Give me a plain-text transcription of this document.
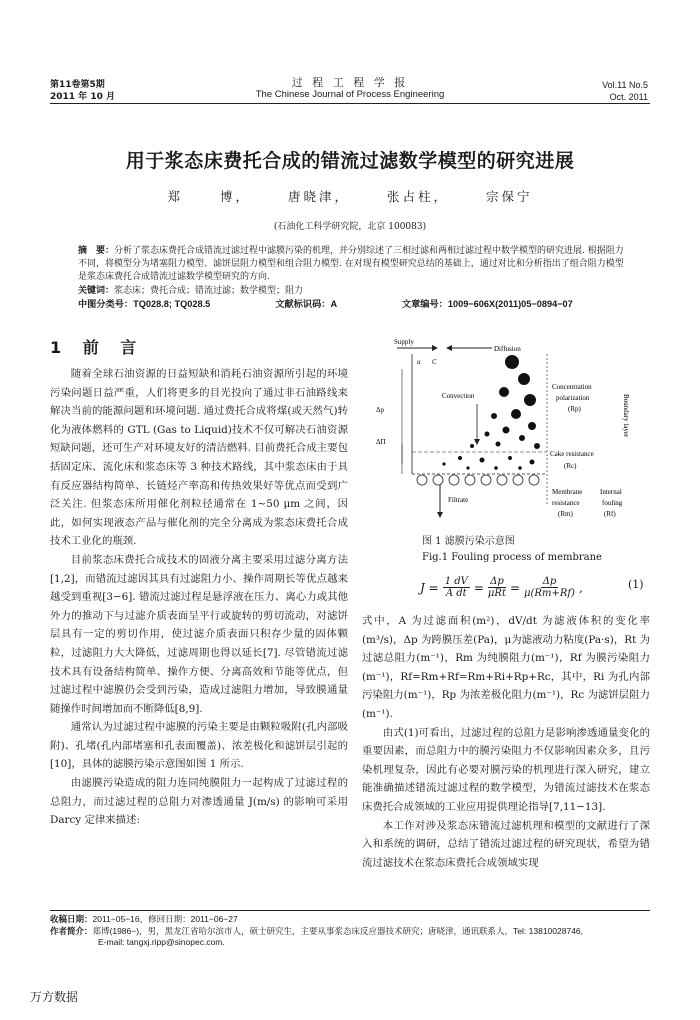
第11卷第5期
2011 年 10 月
过 程 工 程 学 报
The Chinese Journal of Process Engineering
Vol.11 No.5
Oct. 2011
用于浆态床费托合成的错流过滤数学模型的研究进展
郑 博， 唐晓津， 张占柱， 宗保宁
(石油化工科学研究院，北京 100083)
摘　要：分析了浆态床费托合成错流过滤过程中滤膜污染的机理，并分别综述了三相过滤和两相过滤过程中数学模型的研究进展. 根据阻力不同，将模型分为堵塞阻力模型、滤饼层阻力模型和组合阻力模型. 在对现有模型研究总结的基础上，通过对比和分析指出了组合阻力模型是浆态床费托合成错流过滤数学模型研究的方向.
关键词：浆态床；费托合成；错流过滤；数学模型；阻力
中图分类号：TQ028.8; TQ028.5	文献标识码：A	文章编号：1009−606X(2011)05−0894−07
1 前 言

随着全球石油资源的日益短缺和消耗石油资源所引起的环境污染问题日益严重，人们将更多的目光投向了通过非石油路线来解决当前的能源问题和环境问题. 通过费托合成将煤(或天然气)转化为液体燃料的 GTL (Gas to Liquid)技术不仅可解决石油资源短缺问题，还可生产对环境友好的清洁燃料. 目前费托合成主要包括固定床、流化床和浆态床等 3 种技术路线，其中浆态床由于具有反应器结构简单、长链烃产率高和传热效果好等优点而受到广泛关注. 但浆态床所用催化剂粒径通常在 1~50 μm 之间，因此，如何实现液态产品与催化剂的完全分离成为浆态床费托合成技术工业化的瓶颈.

目前浆态床费托合成技术的固液分离主要采用过滤分离方法[1,2]，而错流过滤因其具有过滤阻力小、操作周期长等优点越来越受到重视[3−6]. 错流过滤过程是悬浮液在压力、离心力或其他外力的推动下与过滤介质表面呈平行或旋转的剪切流动，对滤饼层具有一定的剪切作用，使过滤介质表面只积存少量的固体颗粒，过滤阻力大大降低，过滤周期也得以延长[7]. 尽管错流过滤技术具有设备结构简单、操作方便、分离高效和节能等优点，但过滤过程中滤膜仍会受到污染，造成过滤阻力增加，导致膜通量随操作时间增加而不断降低[8,9].

通常认为过滤过程中滤膜的污染主要是由颗粒吸附(孔内部吸附)、孔堵(孔内部堵塞和孔表面覆盖)、浓差极化和滤饼层引起的[10]，具体的滤膜污染示意图如图 1 所示.

由滤膜污染造成的阻力连同纯膜阻力一起构成了过滤过程的总阻力，而过滤过程的总阻力对渗透通量 J(m/s) 的影响可采用 Darcy 定律来描述:

Supply
Diffusion
u C
Convection
Concentration
polarization
(Rp)
Δp
ΔΠ
Boundary layer
Cake resistance
(Rc)
Filtrate
Membrane
resistance
(Rm)
Internal
fouling
(Rf)
图 1 滤膜污染示意图
Fig.1 Fouling process of membrane
$J = \frac{1 dV}{\text{A dt}} = \Delta p$
$\mu Rt = \frac{\Delta p}{\mu(Rm+Rf)}$ ,	(1)

式中，A 为过滤面积(m²)，dV/dt 为滤液体积的变化率(m³/s)，Δp 为跨膜压差(Pa)，μ为滤液动力粘度(Pa·s)，Rt 为过滤总阻力(m⁻¹)，Rm 为纯膜阻力(m⁻¹)，Rf 为膜污染阻力(m⁻¹)，Rf=Rm+Rf=Rm+Ri+Rp+Rc，其中，Ri 为孔内部污染阻力(m⁻¹)，Rp 为浓差极化阻力(m⁻¹)，Rc 为滤饼层阻力(m⁻¹).

由式(1)可看出，过滤过程的总阻力是影响渗透通量变化的重要因素，而总阻力中的膜污染阻力不仅影响因素众多，且污染机理复杂，因此有必要对膜污染的机理进行深入研究，建立能准确描述错流过滤过程的数学模型，为错流过滤技术在浆态床费托合成领域的工业应用提供理论指导[7,11−13].

本工作对涉及浆态床错流过滤机理和模型的文献进行了深入和系统的调研，总结了错流过滤过程的研究现状，希望为错流过滤技术在浆态床费托合成领域实现

收稿日期：2011−05−16，修回日期：2011−06−27
作者简介：郑博(1986−)，男，黑龙江省哈尔滨市人，硕士研究生，主要从事浆态床反应器技术研究；唐晓津，通讯联系人，Tel: 13810028746,
E-mail: tangxj.ripp@sinopec.com.
万方数据
